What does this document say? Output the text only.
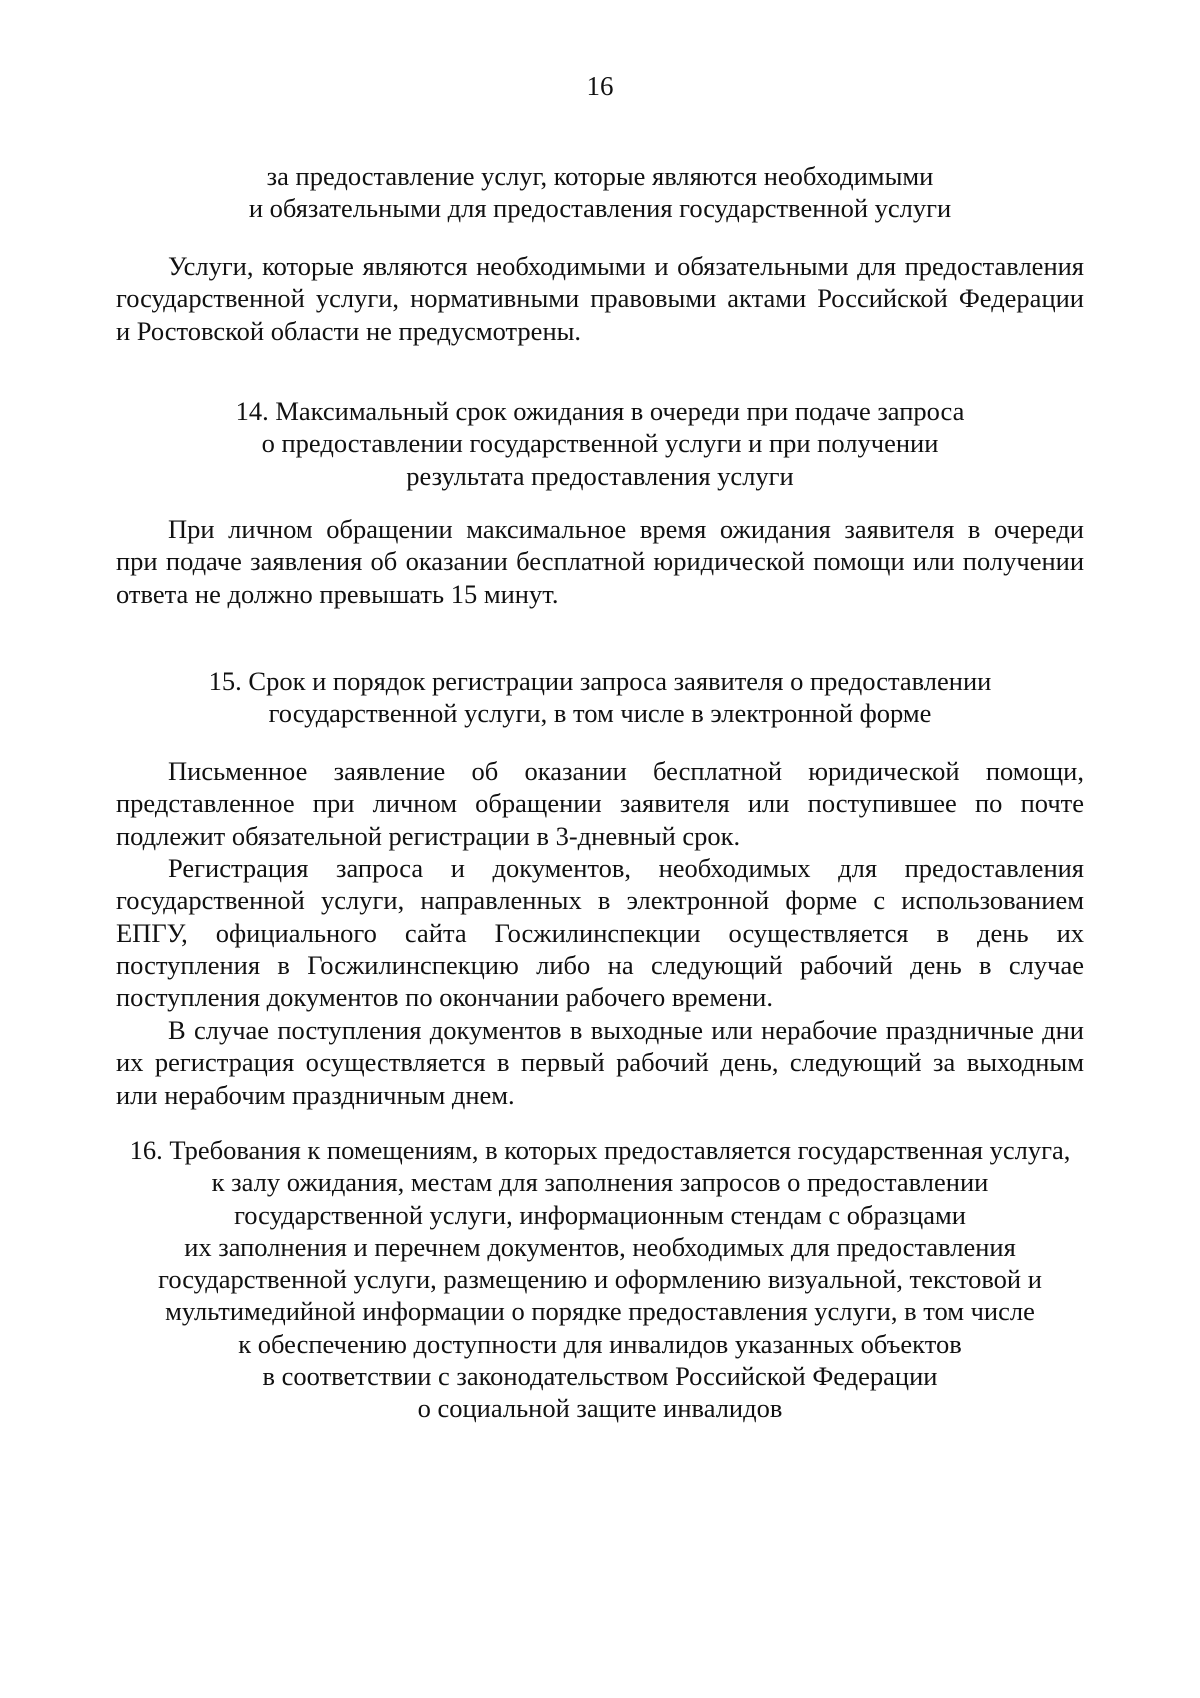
16
за предоставление услуг, которые являются необходимыми
и обязательными для предоставления государственной услуги
Услуги, которые являются необходимыми и обязательными для предоставления
государственной услуги, нормативными правовыми актами Российской Федерации
и Ростовской области не предусмотрены.
14. Максимальный срок ожидания в очереди при подаче запроса
о предоставлении государственной услуги и при получении
результата предоставления услуги
При личном обращении максимальное время ожидания заявителя в очереди
при подаче заявления об оказании бесплатной юридической помощи или получении
ответа не должно превышать 15 минут.
15. Срок и порядок регистрации запроса заявителя о предоставлении
государственной услуги, в том числе в электронной форме
Письменное заявление об оказании бесплатной юридической помощи,
представленное при личном обращении заявителя или поступившее по почте
подлежит обязательной регистрации в 3-дневный срок.
Регистрация запроса и документов, необходимых для предоставления
государственной услуги, направленных в электронной форме с использованием
ЕПГУ, официального сайта Госжилинспекции осуществляется в день их
поступления в Госжилинспекцию либо на следующий рабочий день в случае
поступления документов по окончании рабочего времени.
В случае поступления документов в выходные или нерабочие праздничные дни
их регистрация осуществляется в первый рабочий день, следующий за выходным
или нерабочим праздничным днем.
16. Требования к помещениям, в которых предоставляется государственная услуга,
к залу ожидания, местам для заполнения запросов о предоставлении
государственной услуги, информационным стендам с образцами
их заполнения и перечнем документов, необходимых для предоставления
государственной услуги, размещению и оформлению визуальной, текстовой и
мультимедийной информации о порядке предоставления услуги, в том числе
к обеспечению доступности для инвалидов указанных объектов
в соответствии с законодательством Российской Федерации
о социальной защите инвалидов
